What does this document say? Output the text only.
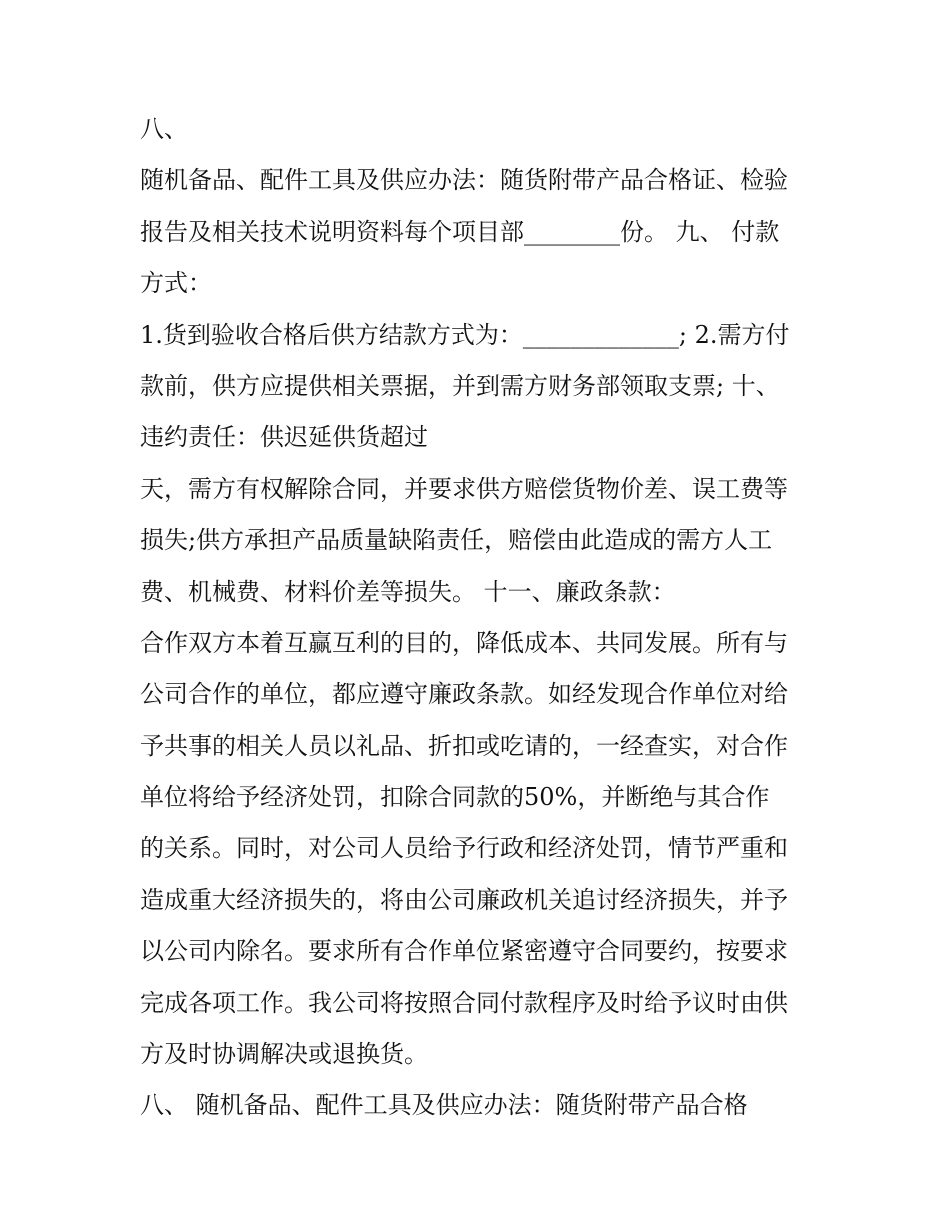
八、
随机备品、配件工具及供应办法：随货附带产品合格证、检验
报告及相关技术说明资料每个项目部________份。 九、 付款
方式：
1.货到验收合格后供方结款方式为：_____________; 2.需方付
款前，供方应提供相关票据，并到需方财务部领取支票; 十、
违约责任：供迟延供货超过
天，需方有权解除合同，并要求供方赔偿货物价差、误工费等
损失;供方承担产品质量缺陷责任，赔偿由此造成的需方人工
费、机械费、材料价差等损失。 十一、廉政条款：
合作双方本着互赢互利的目的，降低成本、共同发展。所有与
公司合作的单位，都应遵守廉政条款。如经发现合作单位对给
予共事的相关人员以礼品、折扣或吃请的，一经查实，对合作
单位将给予经济处罚，扣除合同款的50%，并断绝与其合作
的关系。同时，对公司人员给予行政和经济处罚，情节严重和
造成重大经济损失的，将由公司廉政机关追讨经济损失，并予
以公司内除名。要求所有合作单位紧密遵守合同要约，按要求
完成各项工作。我公司将按照合同付款程序及时给予议时由供
方及时协调解决或退换货。
八、 随机备品、配件工具及供应办法：随货附带产品合格
